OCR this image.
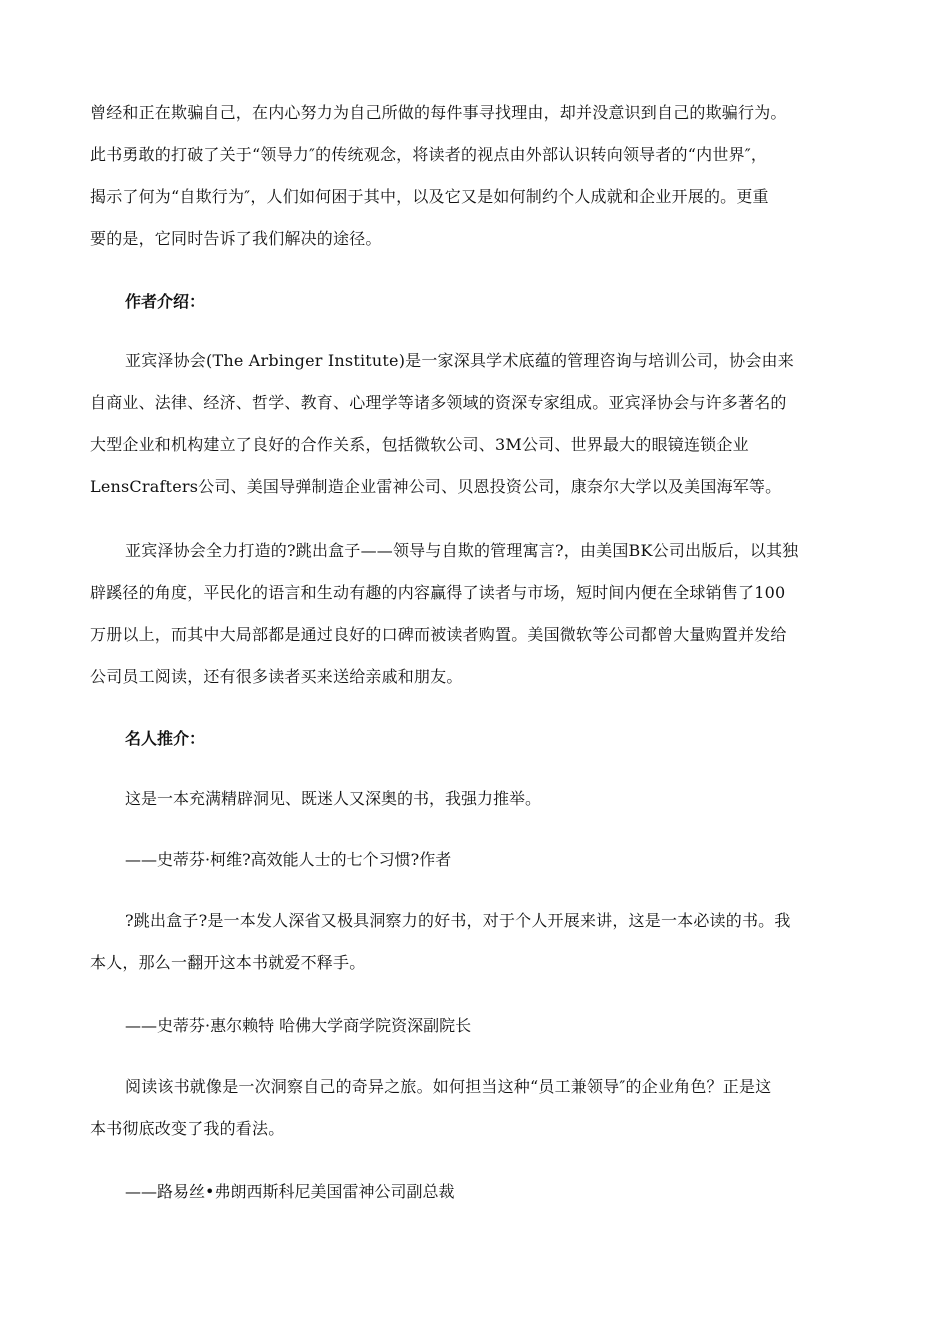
曾经和正在欺骗自己，在内心努力为自己所做的每件事寻找理由，却并没意识到自己的欺骗行为。

此书勇敢的打破了关于“领导力″的传统观念，将读者的视点由外部认识转向领导者的“内世界″，

揭示了何为“自欺行为″，人们如何困于其中，以及它又是如何制约个人成就和企业开展的。更重

要的是，它同时告诉了我们解决的途径。

作者介绍：

亚宾泽协会(The Arbinger Institute)是一家深具学术底蕴的管理咨询与培训公司，协会由来

自商业、法律、经济、哲学、教育、心理学等诸多领域的资深专家组成。亚宾泽协会与许多著名的

大型企业和机构建立了良好的合作关系，包括微软公司、3M公司、世界最大的眼镜连锁企业

LensCrafters公司、美国导弹制造企业雷神公司、贝恩投资公司，康奈尔大学以及美国海军等。

亚宾泽协会全力打造的?跳出盒子——领导与自欺的管理寓言?，由美国BK公司出版后，以其独

辟蹊径的角度，平民化的语言和生动有趣的内容赢得了读者与市场，短时间内便在全球销售了100

万册以上，而其中大局部都是通过良好的口碑而被读者购置。美国微软等公司都曾大量购置并发给

公司员工阅读，还有很多读者买来送给亲戚和朋友。

名人推介：
这是一本充满精辟洞见、既迷人又深奥的书，我强力推举。
——史蒂芬·柯维?高效能人士的七个习惯?作者

?跳出盒子?是一本发人深省又极具洞察力的好书，对于个人开展来讲，这是一本必读的书。我

本人，那么一翻开这本书就爱不释手。

——史蒂芬·惠尔赖特 哈佛大学商学院资深副院长

阅读该书就像是一次洞察自己的奇异之旅。如何担当这种“员工兼领导″的企业角色？正是这

本书彻底改变了我的看法。

——路易丝•弗朗西斯科尼美国雷神公司副总裁
